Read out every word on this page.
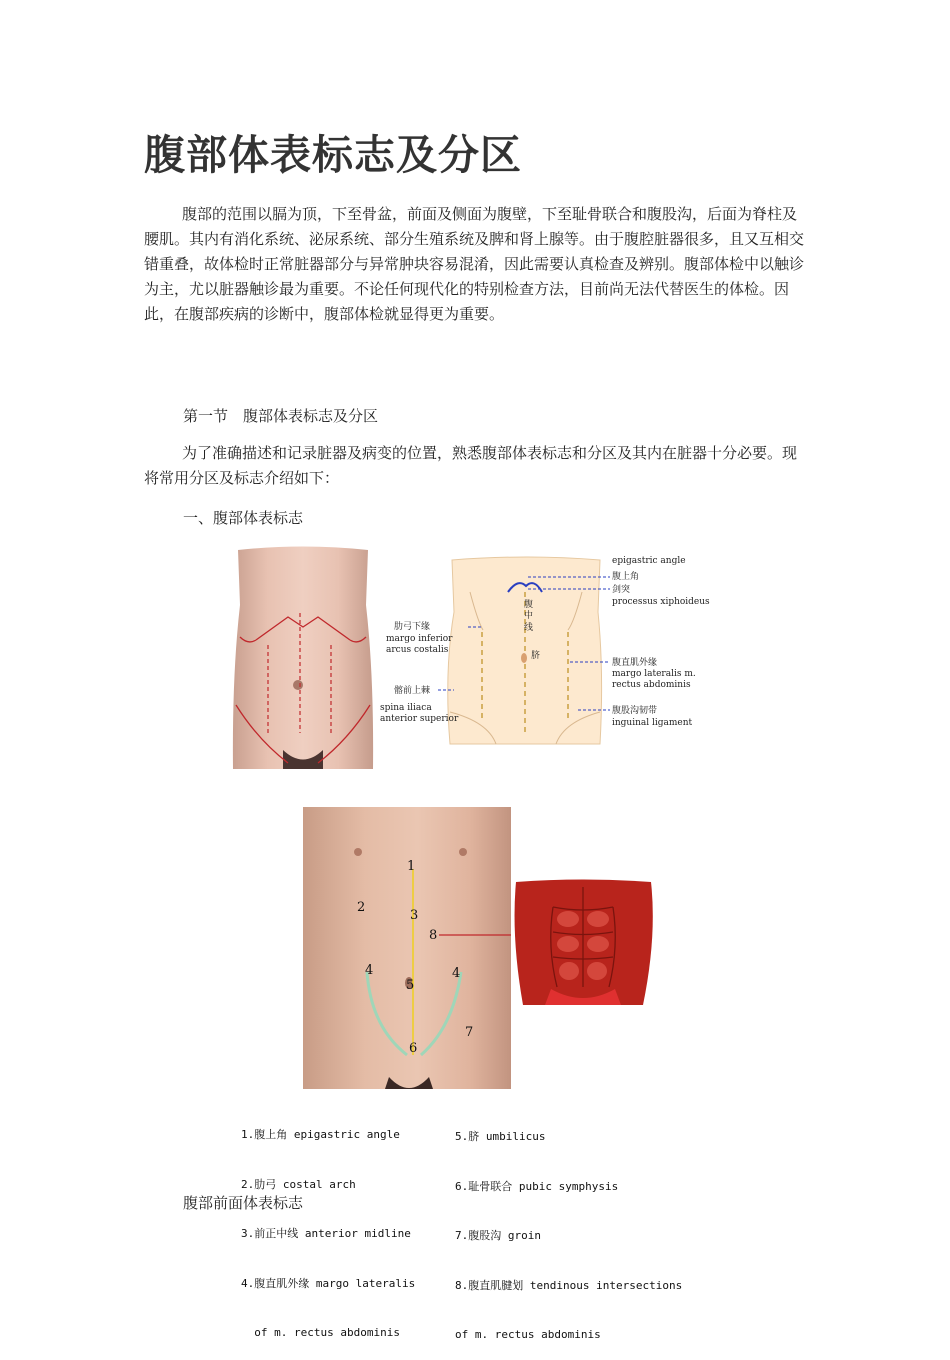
腹部体表标志及分区

腹部的范围以膈为顶，下至骨盆，前面及侧面为腹壁，下至耻骨联合和腹股沟，后面为脊柱及腰肌。其内有消化系统、泌尿系统、部分生殖系统及脾和肾上腺等。由于腹腔脏器很多，且又互相交错重叠，故体检时正常脏器部分与异常肿块容易混淆，因此需要认真检查及辨别。腹部体检中以触诊为主，尤以脏器触诊最为重要。不论任何现代化的特别检查方法，目前尚无法代替医生的体检。因此，在腹部疾病的诊断中，腹部体检就显得更为重要。

第一节　腹部体表标志及分区

为了准确描述和记录脏器及病变的位置，熟悉腹部体表标志和分区及其内在脏器十分必要。现将常用分区及标志介绍如下：

一、腹部体表标志

epigastric angle
腹上角
剑突
processus xiphoideus
腹
中
线
脐
肋弓下缘
margo inferior
arcus costalis
腹直肌外缘
margo lateralis m.
rectus abdominis
髂前上棘
spina iliaca
anterior superior
腹股沟韧带
inguinal ligament
1
2
3
8
4	4
5
7
6

1.腹上角 epigastric angle

2.肋弓 costal arch

3.前正中线 anterior midline

4.腹直肌外缘 margo lateralis

of m. rectus abdominis

5.脐 umbilicus

6.耻骨联合 pubic symphysis

7.腹股沟 groin

8.腹直肌腱划 tendinous intersections

of m. rectus abdominis

腹部前面体表标志
